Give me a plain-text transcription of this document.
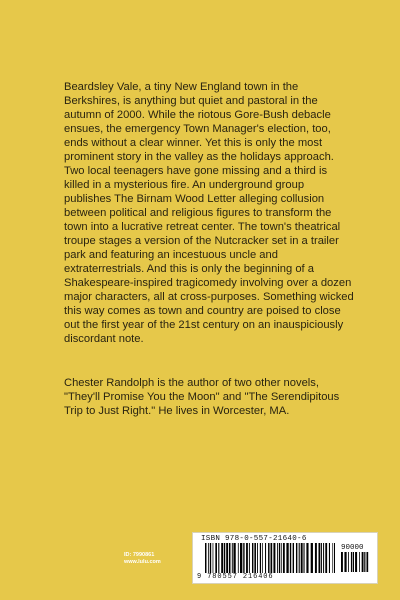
Beardsley Vale, a tiny New England town in the Berkshires, is anything but quiet and pastoral in the autumn of 2000. While the riotous Gore-Bush debacle ensues, the emergency Town Manager's election, too, ends without a clear winner. Yet this is only the most prominent story in the valley as the holidays approach. Two local teenagers have gone missing and a third is killed in a mysterious fire. An underground group publishes The Birnam Wood Letter alleging collusion between political and religious figures to transform the town into a lucrative retreat center. The town's theatrical troupe stages a version of the Nutcracker set in a trailer park and featuring an incestuous uncle and extraterrestrials. And this is only the beginning of a Shakespeare-inspired tragicomedy involving over a dozen major characters, all at cross-purposes. Something wicked this way comes as town and country are poised to close out the first year of the 21st century on an inauspiciously discordant note.

Chester Randolph is the author of two other novels, "They'll Promise You the Moon" and "The Serendipitous Trip to Just Right." He lives in Worcester, MA.

ID: 7990861
www.lulu.com
ISBN 978-0-557-21640-6
90000
9 780557 216406
